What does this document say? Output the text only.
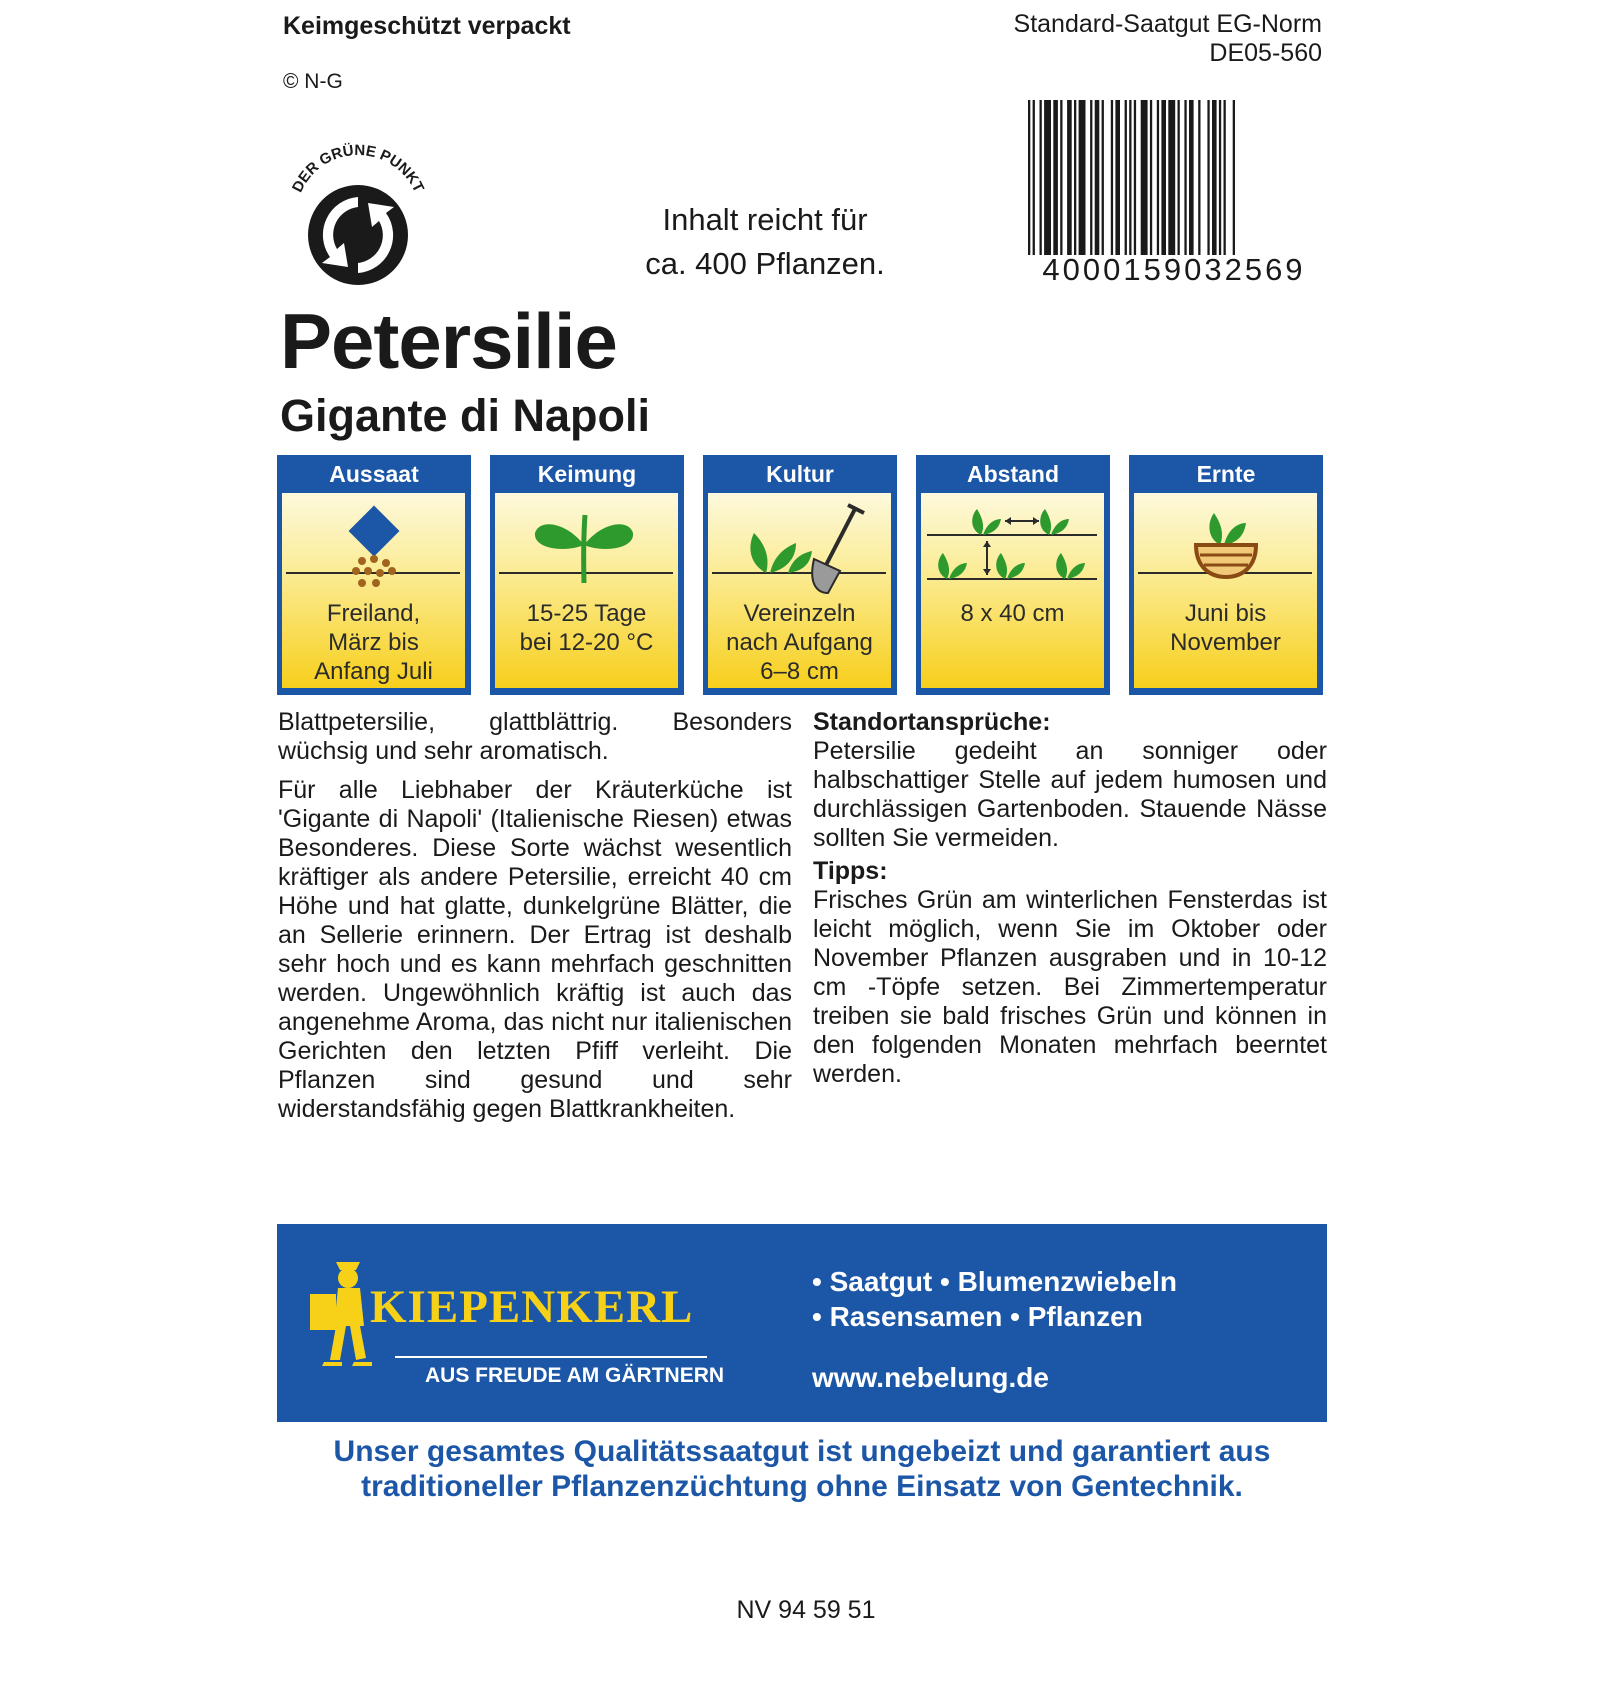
Keimgeschützt verpackt
© N-G
Standard-Saatgut EG-Norm
DE05-560
DER GRÜNE PUNKT
Inhalt reicht für
ca. 400 Pflanzen.	4000159032569
Petersilie
Gigante di Napoli
Aussaat
Freiland,
März bis
Anfang Juli
Keimung
15-25 Tage
bei 12-20 °C
Kultur
Vereinzeln
nach Aufgang
6–8 cm
Abstand
8 x 40 cm
Ernte
Juni bis
November

Blattpetersilie, glattblättrig. Besonders wüchsig und sehr aromatisch.

Für alle Liebhaber der Kräuterküche ist 'Gigante di Napoli' (Italienische Riesen) etwas Besonderes. Diese Sorte wächst wesentlich kräftiger als andere Petersilie, erreicht 40 cm Höhe und hat glatte, dunkelgrüne Blätter, die an Sellerie erinnern. Der Ertrag ist deshalb sehr hoch und es kann mehrfach geschnitten werden. Ungewöhnlich kräftig ist auch das angenehme Aroma, das nicht nur italienischen Gerichten den letzten Pfiff verleiht. Die Pflanzen sind gesund und sehr widerstandsfähig gegen Blattkrankheiten.

Standortansprüche:

Petersilie gedeiht an sonniger oder halbschattiger Stelle auf jedem humosen und durchlässigen Gartenboden. Stauende Nässe sollten Sie vermeiden.

Tipps:

Frisches Grün am winterlichen Fensterdas ist leicht möglich, wenn Sie im Oktober oder November Pflanzen ausgraben und in 10-12 cm -Töpfe setzen. Bei Zimmertemperatur treiben sie bald frisches Grün und können in den folgenden Monaten mehrfach beerntet werden.

KIEPENKERL
AUS FREUDE AM GÄRTNERN
• Saatgut • Blumenzwiebeln
• Rasensamen • Pflanzen
www.nebelung.de
Unser gesamtes Qualitätssaatgut ist ungebeizt und garantiert aus
traditioneller Pflanzenzüchtung ohne Einsatz von Gentechnik.
NV 94 59 51
